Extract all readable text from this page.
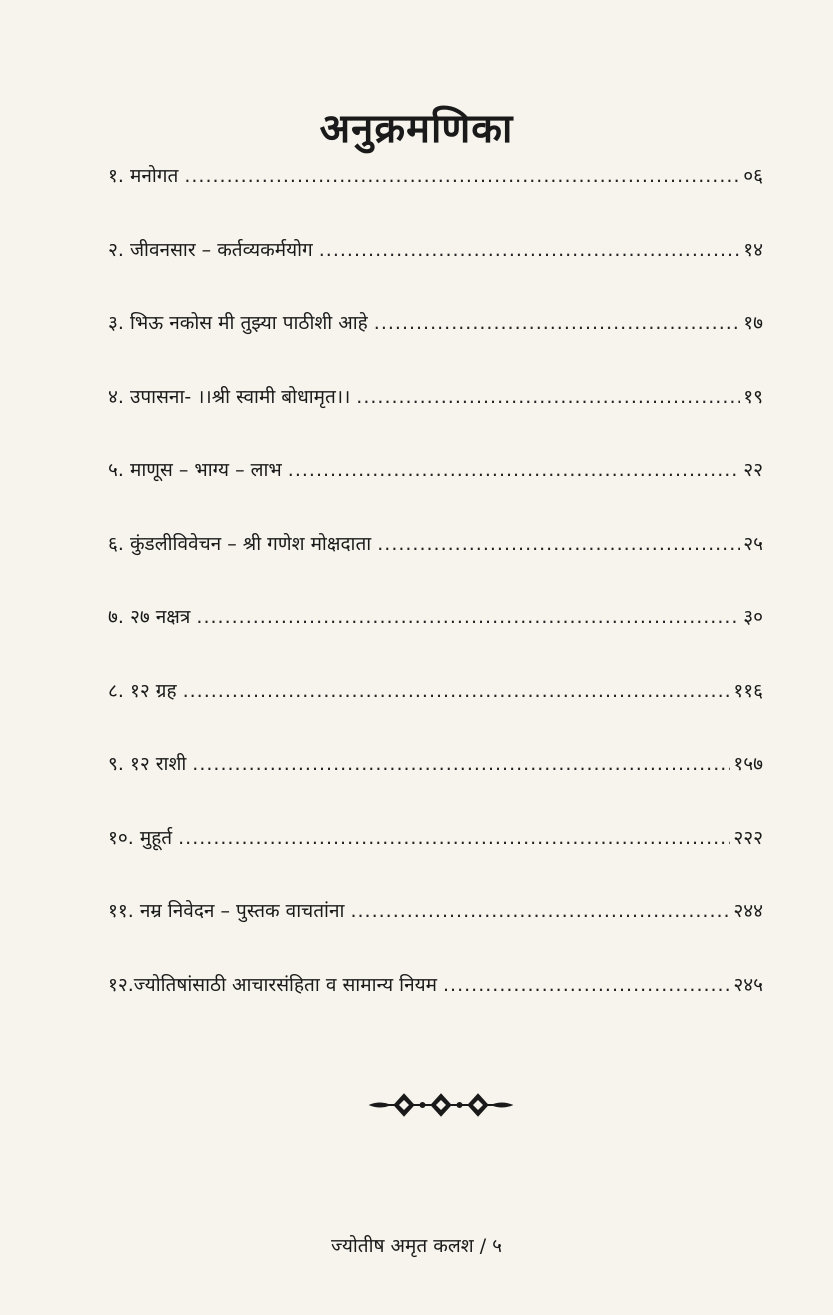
अनुक्रमणिका
१. मनोगत .....	०६
२. जीवनसार – कर्तव्यकर्मयोग .....	१४
३. भिऊ नकोस मी तुझ्या पाठीशी आहे .....	१७
४. उपासना- ।।श्री स्वामी बोधामृत।। .....	१९
५. माणूस – भाग्य – लाभ .....	२२
६. कुंडलीविवेचन – श्री गणेश मोक्षदाता .....	२५
७. २७ नक्षत्र .....	३०
८. १२ ग्रह .....	११६
९. १२ राशी .....	१५७
१०. मुहूर्त .....	२२२
११. नम्र निवेदन – पुस्तक वाचतांना .....	२४४
१२.ज्योतिषांसाठी आचारसंहिता व सामान्य नियम .....	२४५
ज्योतीष अमृत कलश / ५
